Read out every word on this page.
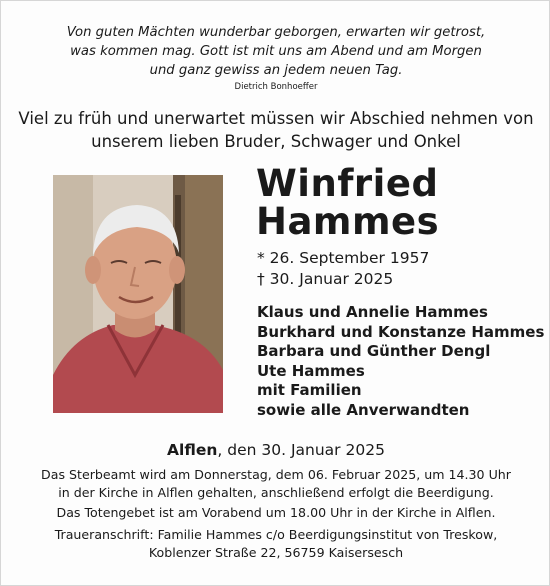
Von guten Mächten wunderbar geborgen, erwarten wir getrost,
was kommen mag. Gott ist mit uns am Abend und am Morgen
und ganz gewiss an jedem neuen Tag.
Dietrich Bonhoeffer
Viel zu früh und unerwartet müssen wir Abschied nehmen von
unserem lieben Bruder, Schwager und Onkel
Winfried
Hammes
* 26. September 1957
† 30. Januar 2025
Klaus und Annelie Hammes
Burkhard und Konstanze Hammes
Barbara und Günther Dengl
Ute Hammes
mit Familien
sowie alle Anverwandten
Alflen, den 30. Januar 2025
Das Sterbeamt wird am Donnerstag, dem 06. Februar 2025, um 14.30 Uhr
in der Kirche in Alflen gehalten, anschließend erfolgt die Beerdigung.
Das Totengebet ist am Vorabend um 18.00 Uhr in der Kirche in Alflen.
Traueranschrift: Familie Hammes c/o Beerdigungsinstitut von Treskow,
Koblenzer Straße 22, 56759 Kaisersesch
